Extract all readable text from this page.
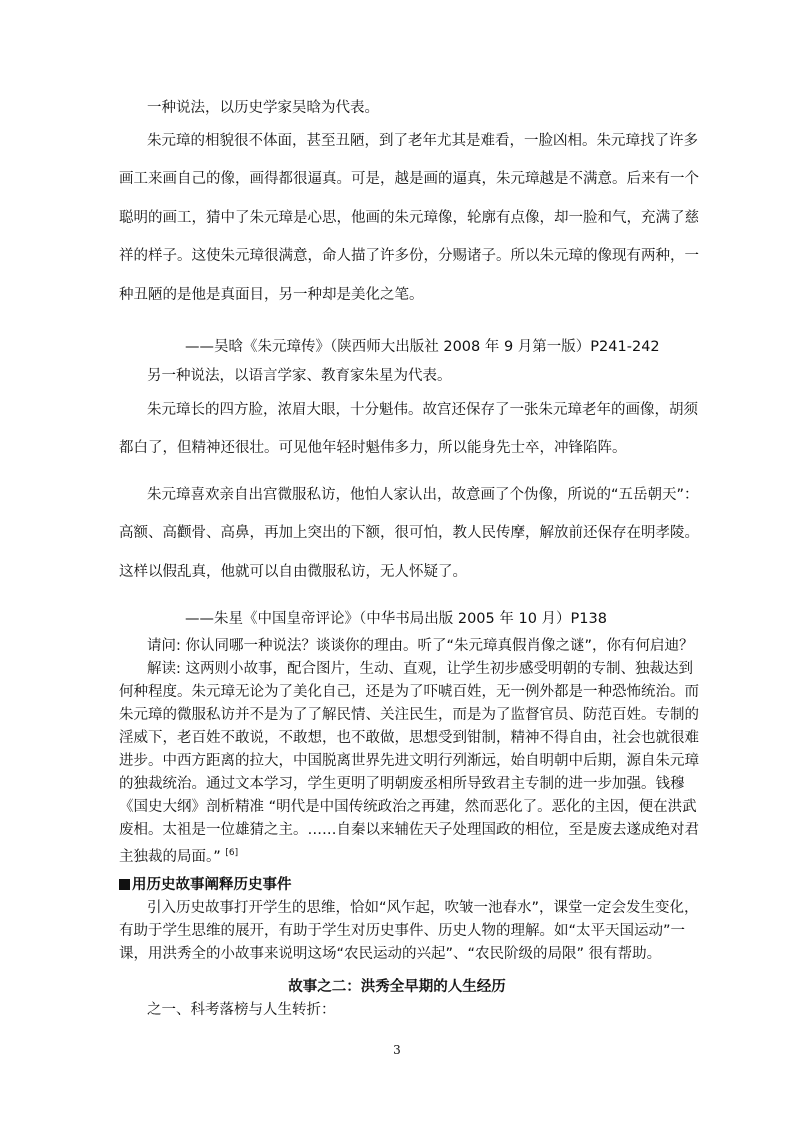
一种说法，以历史学家吴晗为代表。

朱元璋的相貌很不体面，甚至丑陋，到了老年尤其是难看，一脸凶相。朱元璋找了许多

画工来画自己的像，画得都很逼真。可是，越是画的逼真，朱元璋越是不满意。后来有一个

聪明的画工，猜中了朱元璋是心思，他画的朱元璋像，轮廓有点像，却一脸和气，充满了慈

祥的样子。这使朱元璋很满意，命人描了许多份，分赐诸子。所以朱元璋的像现有两种，一

种丑陋的是他是真面目，另一种却是美化之笔。

——吴晗《朱元璋传》（陕西师大出版社 2008 年 9 月第一版）P241-242

另一种说法，以语言学家、教育家朱星为代表。

朱元璋长的四方脸，浓眉大眼，十分魁伟。故宫还保存了一张朱元璋老年的画像，胡须

都白了，但精神还很壮。可见他年轻时魁伟多力，所以能身先士卒，冲锋陷阵。

朱元璋喜欢亲自出宫微服私访，他怕人家认出，故意画了个伪像，所说的“五岳朝天”：

高额、高颧骨、高鼻，再加上突出的下额，很可怕，教人民传摩，解放前还保存在明孝陵。

这样以假乱真，他就可以自由微服私访，无人怀疑了。

——朱星《中国皇帝评论》（中华书局出版 2005 年 10 月）P138

请问: 你认同哪一种说法？谈谈你的理由。听了“朱元璋真假肖像之谜”，你有何启迪？

解读: 这两则小故事，配合图片，生动、直观，让学生初步感受明朝的专制、独裁达到

何种程度。朱元璋无论为了美化自己，还是为了吓唬百姓，无一例外都是一种恐怖统治。而

朱元璋的微服私访并不是为了了解民情、关注民生，而是为了监督官员、防范百姓。专制的

淫威下，老百姓不敢说，不敢想，也不敢做，思想受到钳制，精神不得自由，社会也就很难

进步。中西方距离的拉大，中国脱离世界先进文明行列渐远，始自明朝中后期，源自朱元璋

的独裁统治。通过文本学习，学生更明了明朝废丞相所导致君主专制的进一步加强。钱穆

《国史大纲》剖析精准 “明代是中国传统政治之再建，然而恶化了。恶化的主因，便在洪武

废相。太祖是一位雄猜之主。……自秦以来辅佐天子处理国政的相位，至是废去遂成绝对君

主独裁的局面。” [6]

用历史故事阐释历史事件

引入历史故事打开学生的思维，恰如“风乍起，吹皱一池春水”，课堂一定会发生变化，

有助于学生思维的展开，有助于学生对历史事件、历史人物的理解。如“太平天国运动”一

课，用洪秀全的小故事来说明这场“农民运动的兴起”、“农民阶级的局限” 很有帮助。

故事之二：洪秀全早期的人生经历

之一、科考落榜与人生转折：

3
